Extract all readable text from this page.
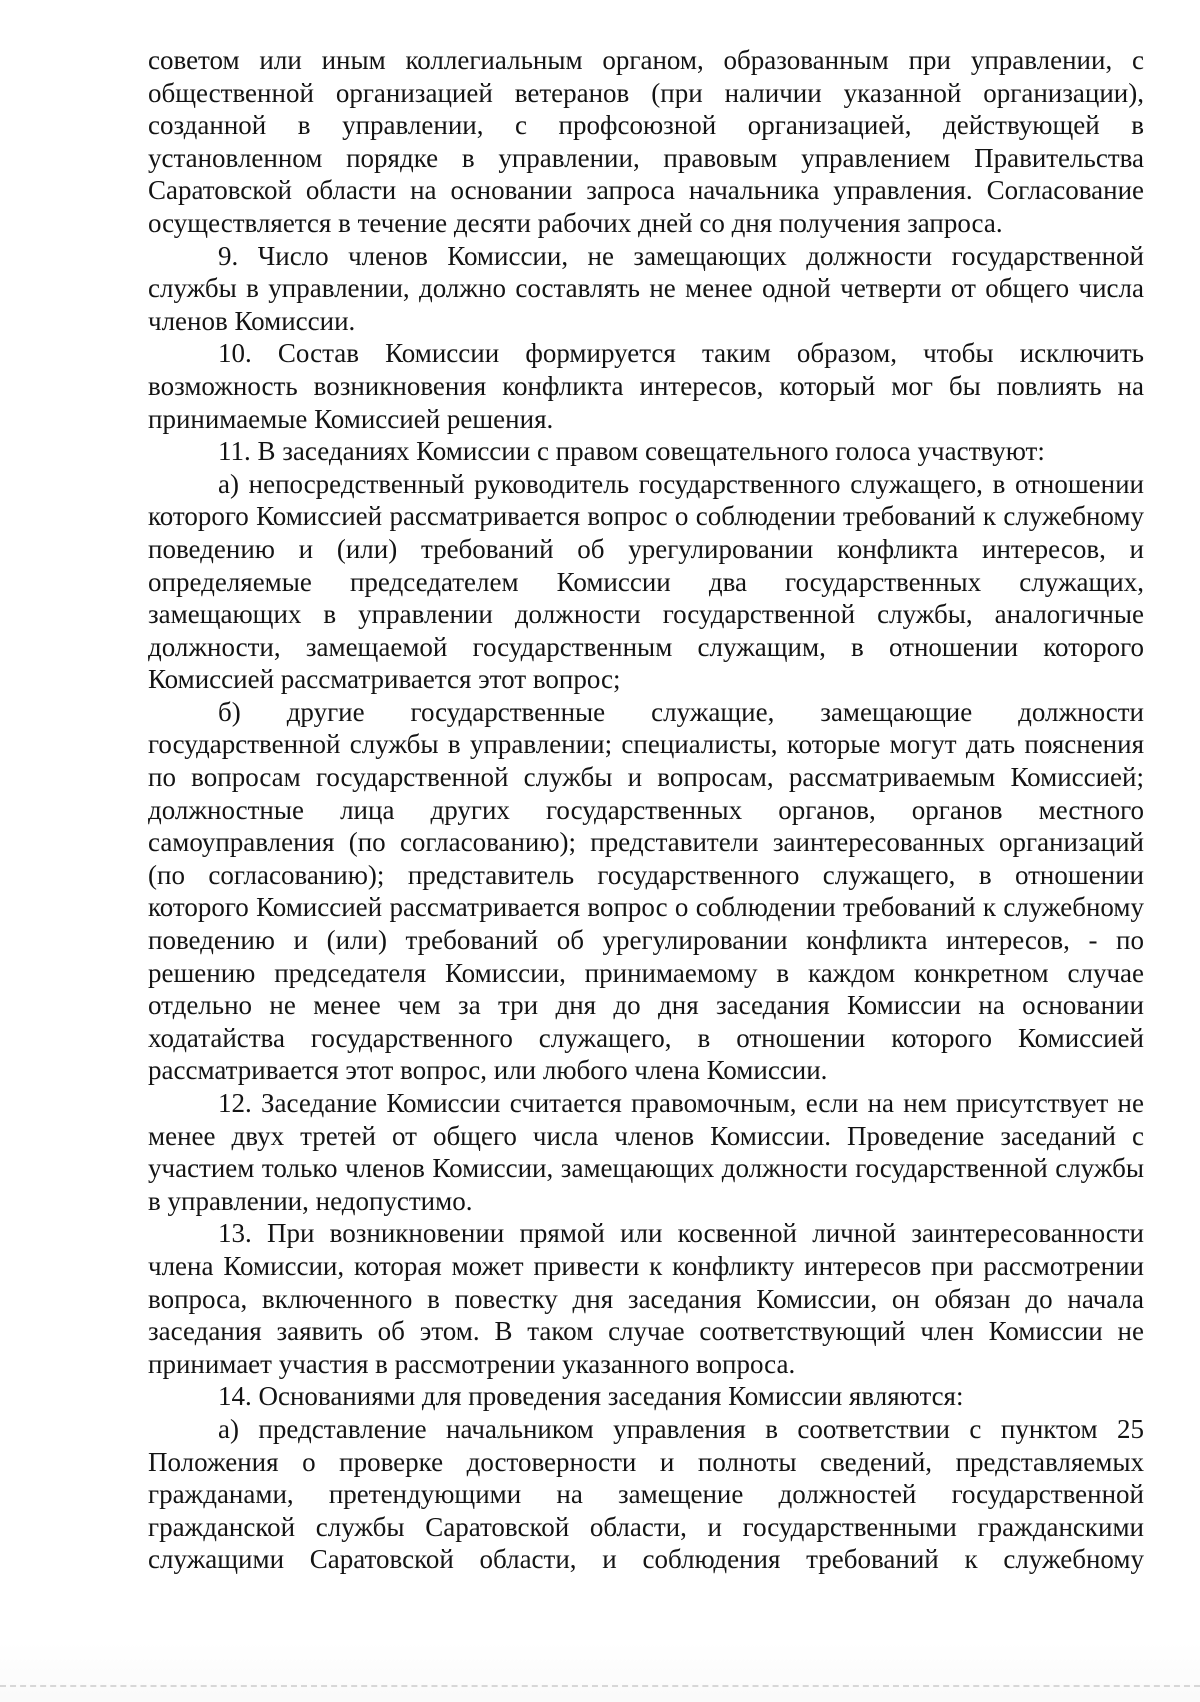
советом или иным коллегиальным органом, образованным при управлении, с общественной организацией ветеранов (при наличии указанной организации), созданной в управлении, с профсоюзной организацией, действующей в установленном порядке в управлении, правовым управлением Правительства Саратовской области на основании запроса начальника управления. Согласование осуществляется в течение десяти рабочих дней со дня получения запроса.

9. Число членов Комиссии, не замещающих должности государственной службы в управлении, должно составлять не менее одной четверти от общего числа членов Комиссии.

10. Состав Комиссии формируется таким образом, чтобы исключить возможность возникновения конфликта интересов, который мог бы повлиять на принимаемые Комиссией решения.

11. В заседаниях Комиссии с правом совещательного голоса участвуют:

а) непосредственный руководитель государственного служащего, в отношении которого Комиссией рассматривается вопрос о соблюдении требований к служебному поведению и (или) требований об урегулировании конфликта интересов, и определяемые председателем Комиссии два государственных служащих, замещающих в управлении должности государственной службы, аналогичные должности, замещаемой государственным служащим, в отношении которого Комиссией рассматривается этот вопрос;

б) другие государственные служащие, замещающие должности государственной службы в управлении; специалисты, которые могут дать пояснения по вопросам государственной службы и вопросам, рассматриваемым Комиссией; должностные лица других государственных органов, органов местного самоуправления (по согласованию); представители заинтересованных организаций (по согласованию); представитель государственного служащего, в отношении которого Комиссией рассматривается вопрос о соблюдении требований к служебному поведению и (или) требований об урегулировании конфликта интересов, - по решению председателя Комиссии, принимаемому в каждом конкретном случае отдельно не менее чем за три дня до дня заседания Комиссии на основании ходатайства государственного служащего, в отношении которого Комиссией рассматривается этот вопрос, или любого члена Комиссии.

12. Заседание Комиссии считается правомочным, если на нем присутствует не менее двух третей от общего числа членов Комиссии. Проведение заседаний с участием только членов Комиссии, замещающих должности государственной службы в управлении, недопустимо.

13. При возникновении прямой или косвенной личной заинтересованности члена Комиссии, которая может привести к конфликту интересов при рассмотрении вопроса, включенного в повестку дня заседания Комиссии, он обязан до начала заседания заявить об этом. В таком случае соответствующий член Комиссии не принимает участия в рассмотрении указанного вопроса.

14. Основаниями для проведения заседания Комиссии являются:

а) представление начальником управления в соответствии с пунктом 25 Положения о проверке достоверности и полноты сведений, представляемых гражданами, претендующими на замещение должностей государственной гражданской службы Саратовской области, и государственными гражданскими служащими Саратовской области, и соблюдения требований к служебному
